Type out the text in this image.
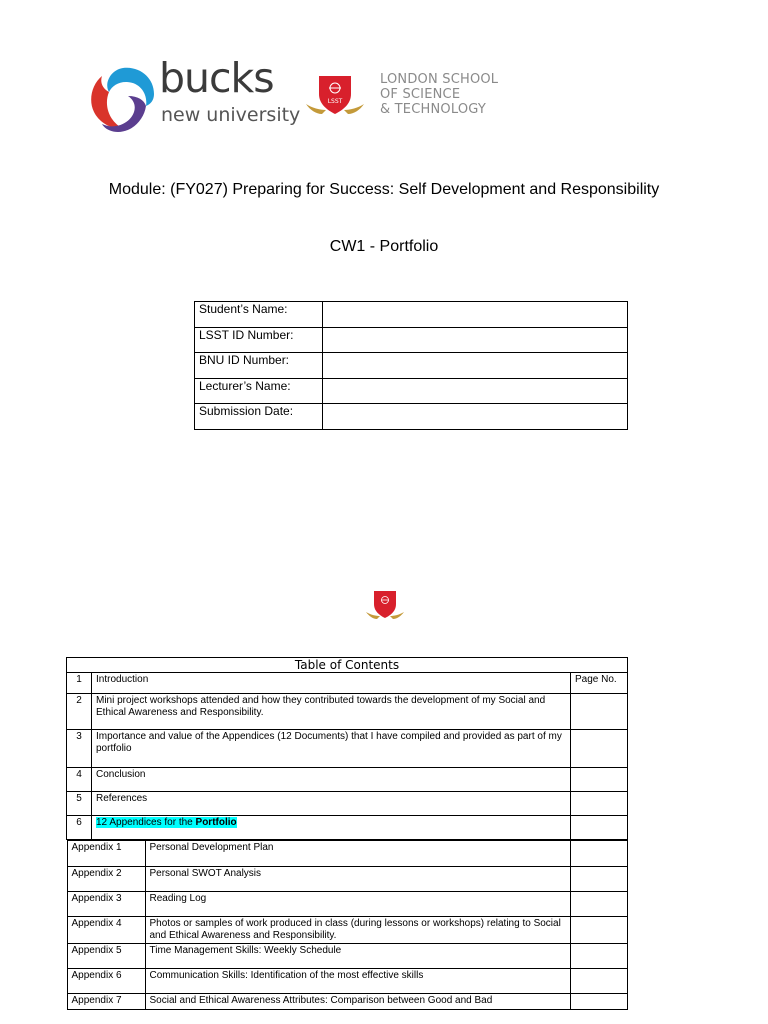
bucks
new university
LSST
LONDON SCHOOL
OF SCIENCE
& TECHNOLOGY
Module: (FY027) Preparing for Success: Self Development and Responsibility
CW1 - Portfolio
Student’s Name:	
LSST ID Number:	
BNU ID Number:	
Lecturer’s Name:	
Submission Date:	
Table of Contents
1	Introduction	Page No.
2	Mini project workshops attended and how they contributed towards the development of my Social and Ethical Awareness and Responsibility.	
3	Importance and value of the Appendices (12 Documents) that I have compiled and provided as part of my portfolio	
4	Conclusion	
5	References	
6	12 Appendices for the Portfolio	

Appendix 1	Personal Development Plan	
Appendix 2	Personal SWOT Analysis	
Appendix 3	Reading Log	
Appendix 4	Photos or samples of work produced in class (during lessons or workshops) relating to Social and Ethical Awareness and Responsibility.	
Appendix 5	Time Management Skills: Weekly Schedule	
Appendix 6	Communication Skills: Identification of the most effective skills	
Appendix 7	Social and Ethical Awareness Attributes: Comparison between Good and Bad	
